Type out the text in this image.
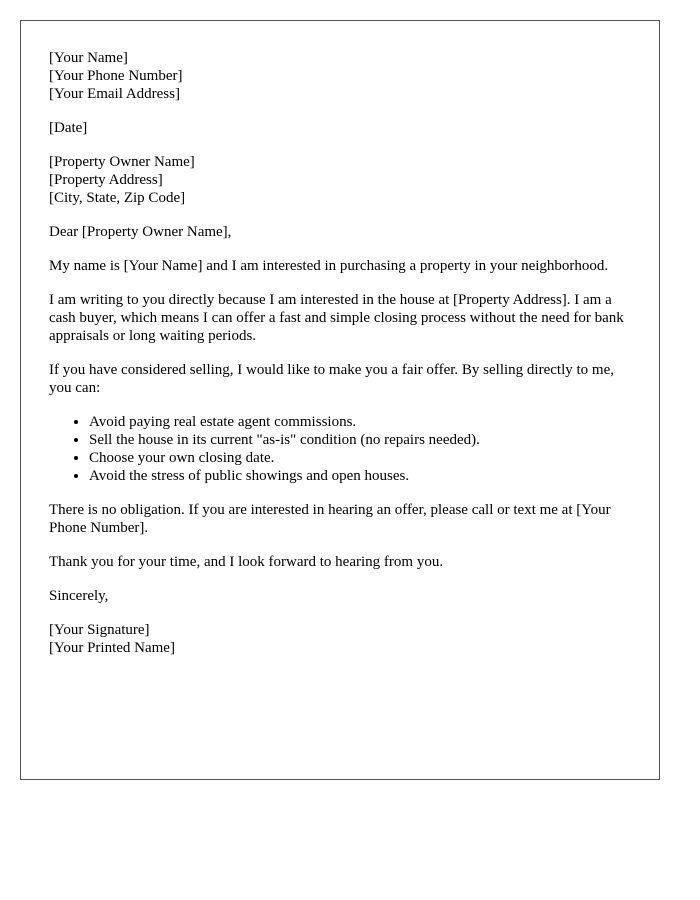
[Your Name]
[Your Phone Number]
[Your Email Address]
[Date]
[Property Owner Name]
[Property Address]
[City, State, Zip Code]

Dear [Property Owner Name],

My name is [Your Name] and I am interested in purchasing a property in your neighborhood.

I am writing to you directly because I am interested in the house at [Property Address]. I am a cash buyer, which means I can offer a fast and simple closing process without the need for bank appraisals or long waiting periods.

If you have considered selling, I would like to make you a fair offer. By selling directly to me, you can:

• Avoid paying real estate agent commissions.
• Sell the house in its current "as-is" condition (no repairs needed).
• Choose your own closing date.
• Avoid the stress of public showings and open houses.

There is no obligation. If you are interested in hearing an offer, please call or text me at [Your Phone Number].

Thank you for your time, and I look forward to hearing from you.

Sincerely,

[Your Signature]
[Your Printed Name]
